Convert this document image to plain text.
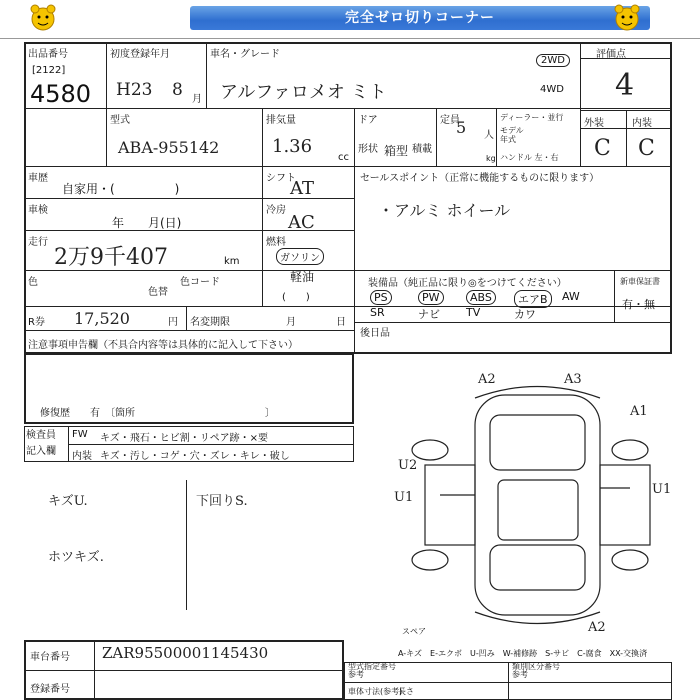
完全ゼロ切りコーナー
出品番号
[2122]
4580
初度登録年月
H23 8 月
車名・グレード
アルファロメオ ミト
2WD
4WD
評価点
4
外装	内装
C C
型式
ABA-955142
排気量
1.36
cc
ドア	定員
5 人
ディーラー・並行
モデル
年式
ハンドル 左・右
形状 箱型 積載
kg
車歴
自家用・(　　　　　)
シフト
AT
車検
年　　月(日)
冷房
AC
走行
2万9千407	km
燃料
ガソリン
軽油
(　　)
色
色替
色コード
R券 17,520	円 名変期限	月	日
セールスポイント（正常に機能するものに限ります）
・アルミ ホイール
装備品（純正品に限り◎をつけてください）	新車保証書
有・無
PS	PW	ABS	エアB	AW
SR	ナビ TV	カワ
後日品
注意事項申告欄（不具合内容等は具体的に記入して下さい）
修復歴　　有　〔箇所　　　　　　　　　　　　　〕
検査員
記入欄
FW キズ・飛石・ヒビ割・リペア跡・×要
内装 キズ・汚し・コゲ・穴・ズレ・キレ・破し
キズU.	下回りS.
ホツキズ.
A2	A3
A1
U2
U1
U1
A2
スペア
A-キズ　E-エクボ　U-凹み　W-補修跡　S-サビ　C-腐食　XX-交換済
車台番号 ZAR95500001145430
登録番号
型式指定番号
参考
類別区分番号
参考
車体寸法(参考)
長さ
